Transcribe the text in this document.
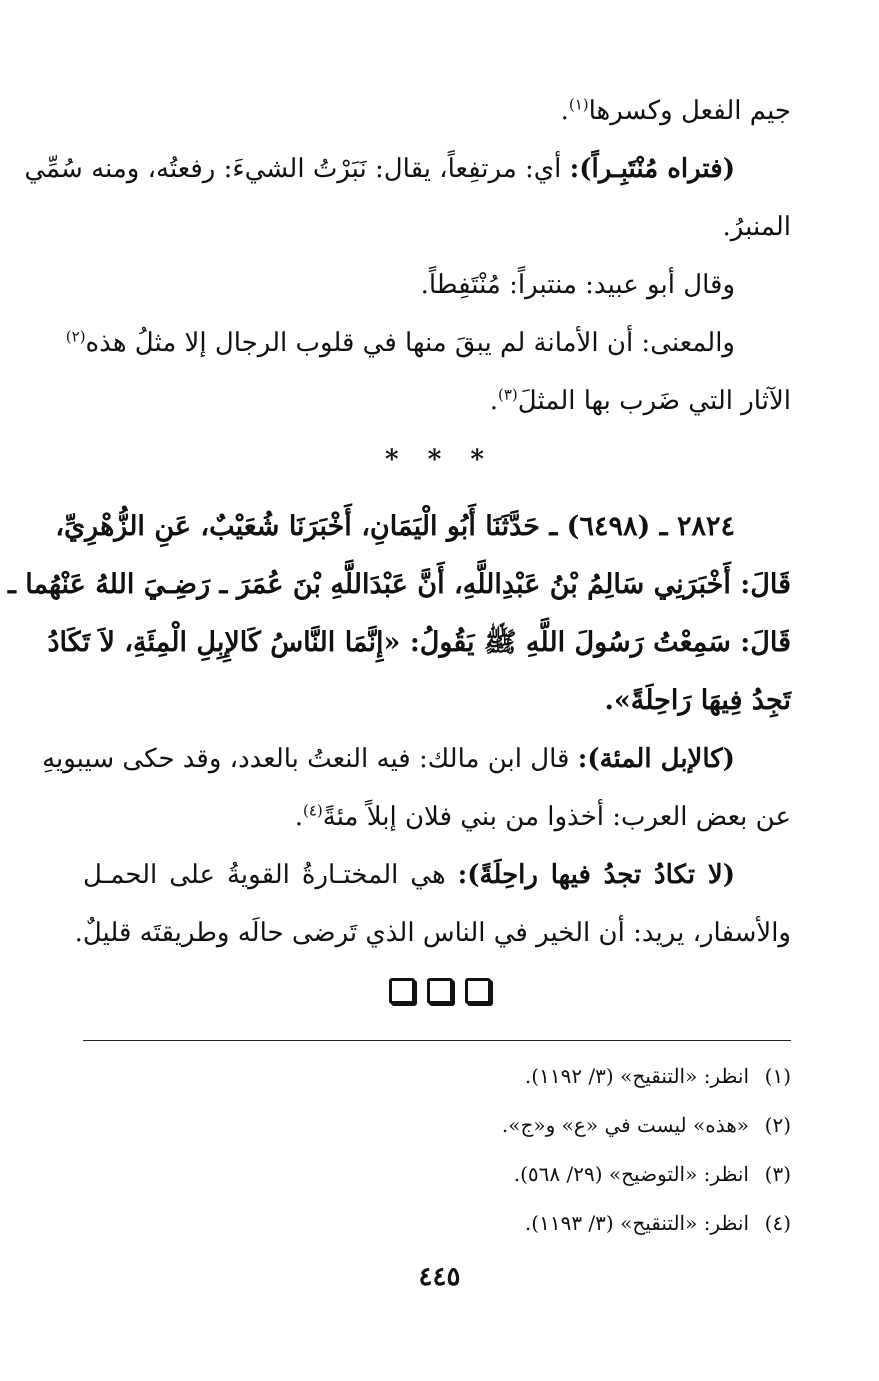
جيم الفعل وكسرها$^{(١)}$.
(فتراه مُنْتَبِـراً): أي: مرتفِعاً، يقال: نَبَرْتُ الشيءَ: رفعتُه، ومنه سُمِّي
المنبرُ.
وقال أبو عبيد: منتبراً: مُنْتَفِطاً.
والمعنى: أن الأمانة لم يبقَ منها في قلوب الرجال إلا مثلُ هذه$^{(٢)}$
الآثار التي ضَرب بها المثلَ$^{(٣)}$.
* * *
٢٨٢٤ ـ (٦٤٩٨) ـ حَدَّثَنَا أَبُو الْيَمَانِ، أَخْبَرَنَا شُعَيْبٌ، عَنِ الزُّهْرِيِّ،
قَالَ: أَخْبَرَنِي سَالِمُ بْنُ عَبْدِاللَّهِ، أَنَّ عَبْدَاللَّهِ بْنَ عُمَرَ ـ رَضِـيَ اللهُ عَنْهُما ـ
قَالَ: سَمِعْتُ رَسُولَ اللَّهِ ﷺ يَقُولُ: «إِنَّمَا النَّاسُ كَالإِبِلِ الْمِئَةِ، لاَ تَكَادُ
تَجِدُ فِيهَا رَاحِلَةً».
(كالإبل المئة): قال ابن مالك: فيه النعتُ بالعدد، وقد حكى سيبويهِ
عن بعض العرب: أخذوا من بني فلان إبلاً مئةً$^{(٤)}$.
(لا تكادُ تجدُ فيها راحِلَةً): هي المختـارةُ القويةُ على الحمـل
والأسفار، يريد: أن الخير في الناس الذي تَرضى حالَه وطريقتَه قليلٌ.
(١)انظر: «التنقيح» (٣/ ١١٩٢).
(٢)«هذه» ليست في «ع» و«ج».
(٣)انظر: «التوضيح» (٢٩/ ٥٦٨).
(٤)انظر: «التنقيح» (٣/ ١١٩٣).
٤٤٥
